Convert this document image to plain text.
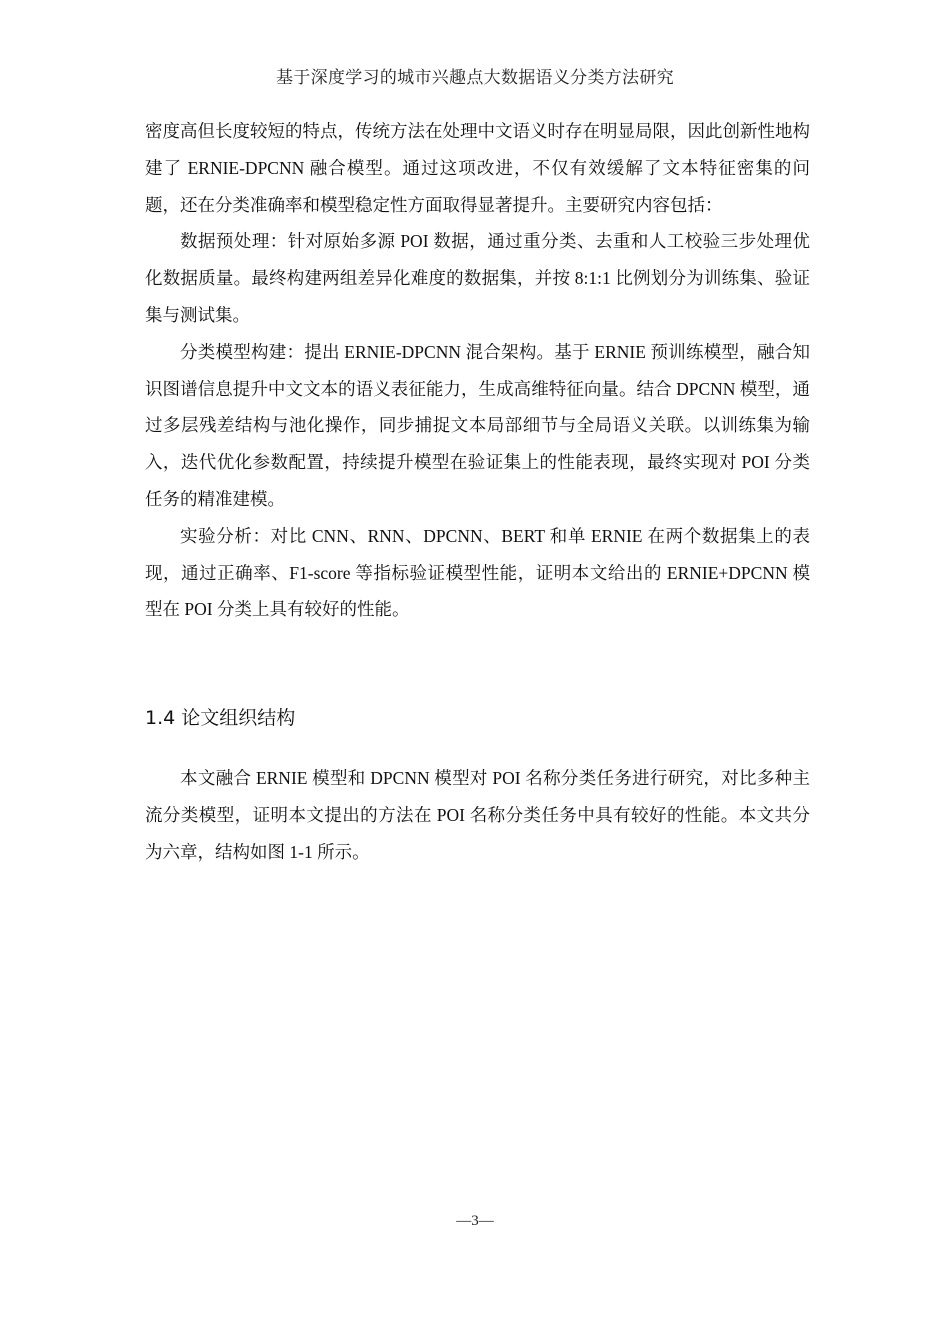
基于深度学习的城市兴趣点大数据语义分类方法研究

密度高但长度较短的特点，传统方法在处理中文语义时存在明显局限，因此创新性地构建了 ERNIE-DPCNN 融合模型。通过这项改进，不仅有效缓解了文本特征密集的问题，还在分类准确率和模型稳定性方面取得显著提升。主要研究内容包括：

数据预处理：针对原始多源 POI 数据，通过重分类、去重和人工校验三步处理优化数据质量。最终构建两组差异化难度的数据集，并按 8:1:1 比例划分为训练集、验证集与测试集。

分类模型构建：提出 ERNIE-DPCNN 混合架构。基于 ERNIE 预训练模型，融合知识图谱信息提升中文文本的语义表征能力，生成高维特征向量。结合 DPCNN 模型，通过多层残差结构与池化操作，同步捕捉文本局部细节与全局语义关联。以训练集为输入，迭代优化参数配置，持续提升模型在验证集上的性能表现，最终实现对 POI 分类任务的精准建模。

实验分析：对比 CNN、RNN、DPCNN、BERT 和单 ERNIE 在两个数据集上的表现，通过正确率、F1-score 等指标验证模型性能，证明本文给出的 ERNIE+DPCNN 模型在 POI 分类上具有较好的性能。

1.4 论文组织结构

本文融合 ERNIE 模型和 DPCNN 模型对 POI 名称分类任务进行研究，对比多种主流分类模型，证明本文提出的方法在 POI 名称分类任务中具有较好的性能。本文共分为六章，结构如图 1-1 所示。

—3—
